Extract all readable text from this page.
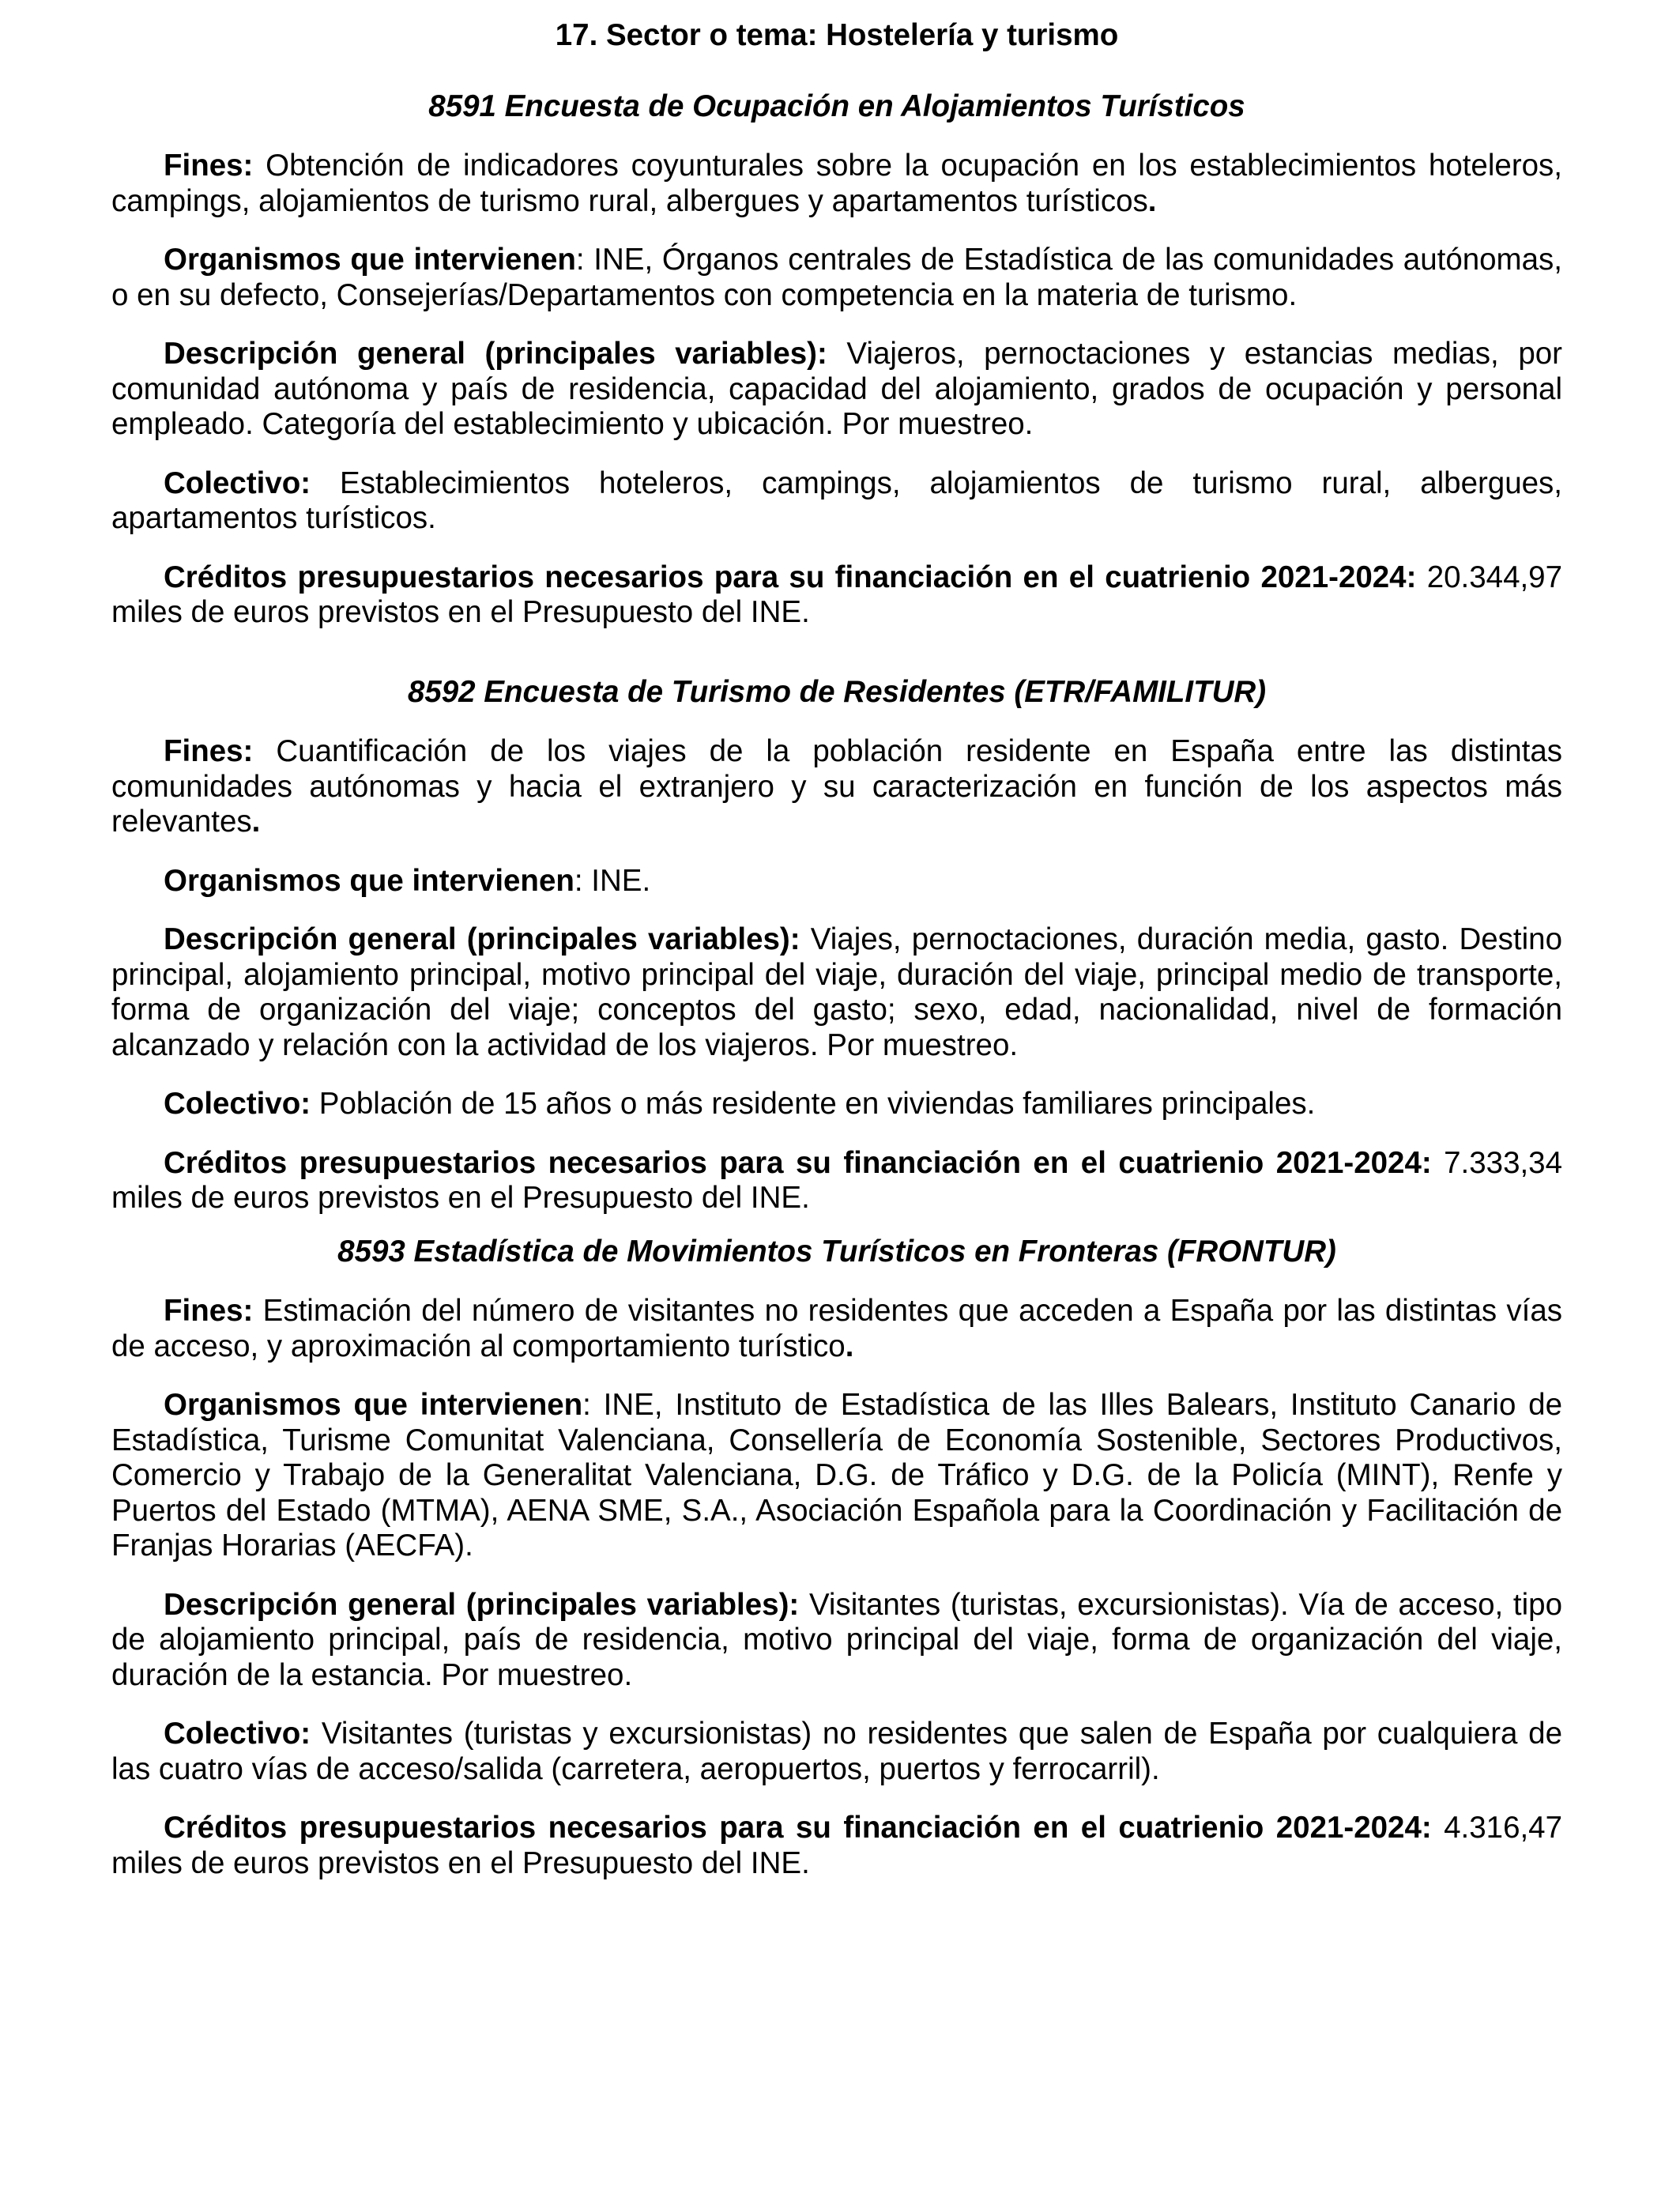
17. Sector o tema: Hostelería y turismo
8591 Encuesta de Ocupación en Alojamientos Turísticos

Fines: Obtención de indicadores coyunturales sobre la ocupación en los establecimientos hoteleros, campings, alojamientos de turismo rural, albergues y apartamentos turísticos.

Organismos que intervienen: INE, Órganos centrales de Estadística de las comunidades autónomas, o en su defecto, Consejerías/Departamentos con competencia en la materia de turismo.

Descripción general (principales variables): Viajeros, pernoctaciones y estancias medias, por comunidad autónoma y país de residencia, capacidad del alojamiento, grados de ocupación y personal empleado. Categoría del establecimiento y ubicación. Por muestreo.

Colectivo: Establecimientos hoteleros, campings, alojamientos de turismo rural, albergues, apartamentos turísticos.

Créditos presupuestarios necesarios para su financiación en el cuatrienio 2021-2024: 20.344,97 miles de euros previstos en el Presupuesto del INE.

8592 Encuesta de Turismo de Residentes (ETR/FAMILITUR)

Fines: Cuantificación de los viajes de la población residente en España entre las distintas comunidades autónomas y hacia el extranjero y su caracterización en función de los aspectos más relevantes.

Organismos que intervienen: INE.

Descripción general (principales variables): Viajes, pernoctaciones, duración media, gasto. Destino principal, alojamiento principal, motivo principal del viaje, duración del viaje, principal medio de transporte, forma de organización del viaje; conceptos del gasto; sexo, edad, nacionalidad, nivel de formación alcanzado y relación con la actividad de los viajeros. Por muestreo.

Colectivo: Población de 15 años o más residente en viviendas familiares principales.

Créditos presupuestarios necesarios para su financiación en el cuatrienio 2021-2024: 7.333,34 miles de euros previstos en el Presupuesto del INE.

8593 Estadística de Movimientos Turísticos en Fronteras (FRONTUR)

Fines: Estimación del número de visitantes no residentes que acceden a España por las distintas vías de acceso, y aproximación al comportamiento turístico.

Organismos que intervienen: INE, Instituto de Estadística de las Illes Balears, Instituto Canario de Estadística, Turisme Comunitat Valenciana, Consellería de Economía Sostenible, Sectores Productivos, Comercio y Trabajo de la Generalitat Valenciana, D.G. de Tráfico y D.G. de la Policía (MINT), Renfe y Puertos del Estado (MTMA), AENA SME, S.A., Asociación Española para la Coordinación y Facilitación de Franjas Horarias (AECFA).

Descripción general (principales variables): Visitantes (turistas, excursionistas). Vía de acceso, tipo de alojamiento principal, país de residencia, motivo principal del viaje, forma de organización del viaje, duración de la estancia. Por muestreo.

Colectivo: Visitantes (turistas y excursionistas) no residentes que salen de España por cualquiera de las cuatro vías de acceso/salida (carretera, aeropuertos, puertos y ferrocarril).

Créditos presupuestarios necesarios para su financiación en el cuatrienio 2021-2024: 4.316,47 miles de euros previstos en el Presupuesto del INE.
